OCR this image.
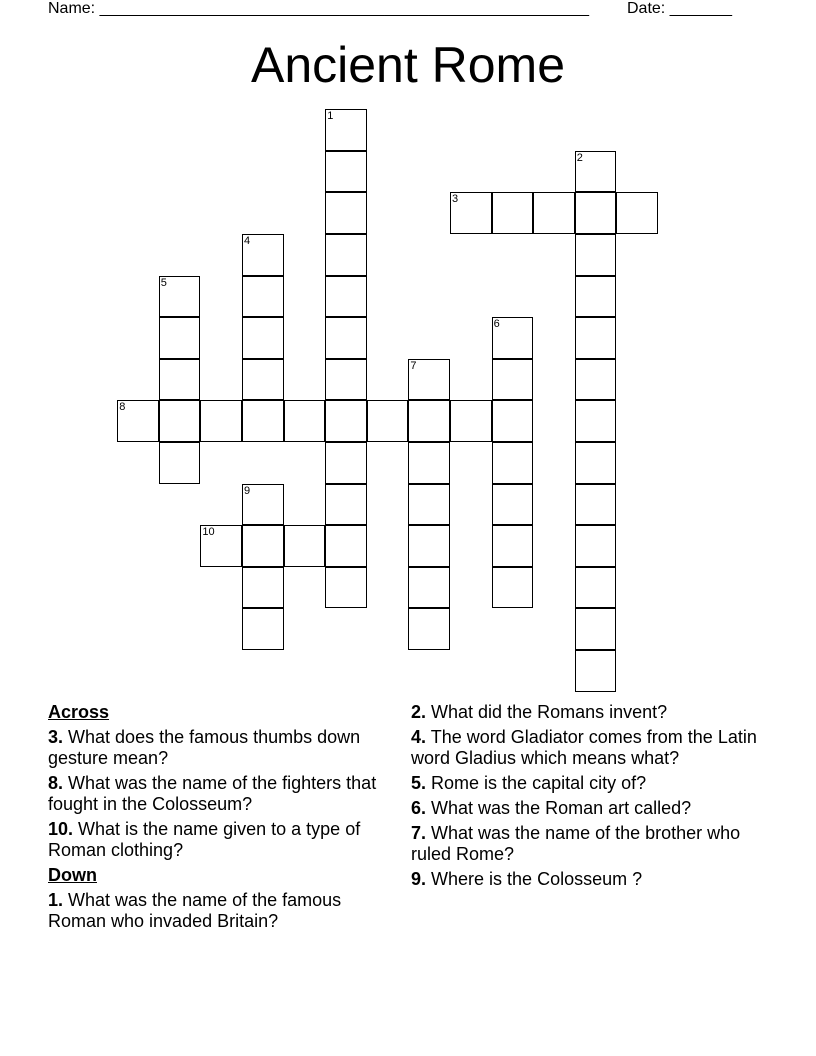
Name: _______________________________________________________ Date: _______
Ancient Rome
1
2
3
4
5
6
7
8
9
10
Across
3. What does the famous thumbs down gesture mean?
8. What was the name of the fighters that fought in the Colosseum?
10. What is the name given to a type of Roman clothing?
Down
1. What was the name of the famous Roman who invaded Britain?
2. What did the Romans invent?
4. The word Gladiator comes from the Latin word Gladius which means what?
5. Rome is the capital city of?
6. What was the Roman art called?
7. What was the name of the brother who ruled Rome?
9. Where is the Colosseum ?
